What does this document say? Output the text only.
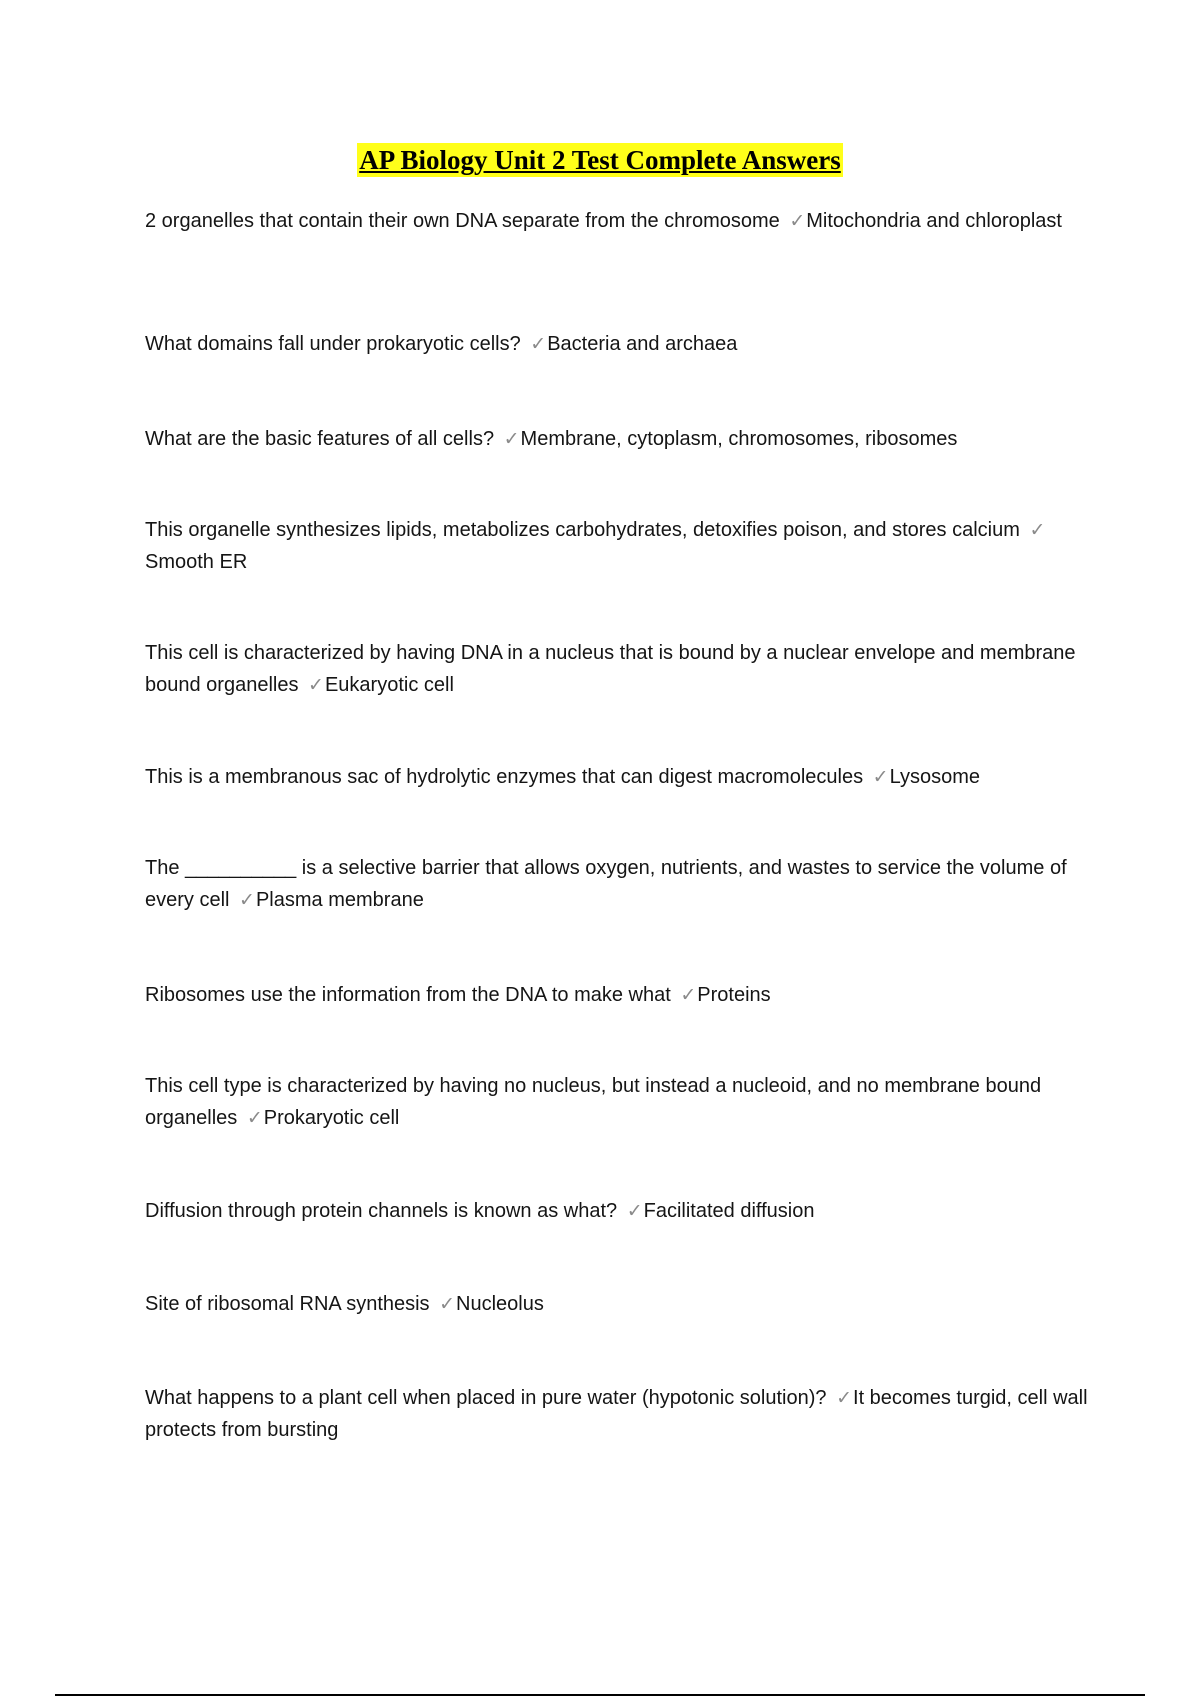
AP Biology Unit 2 Test Complete Answers
2 organelles that contain their own DNA separate from the chromosome ✓Mitochondria and chloroplast
What domains fall under prokaryotic cells? ✓Bacteria and archaea
What are the basic features of all cells? ✓Membrane, cytoplasm, chromosomes, ribosomes
This organelle synthesizes lipids, metabolizes carbohydrates, detoxifies poison, and stores calcium ✓Smooth ER
This cell is characterized by having DNA in a nucleus that is bound by a nuclear envelope and membrane bound organelles ✓Eukaryotic cell
This is a membranous sac of hydrolytic enzymes that can digest macromolecules ✓Lysosome
The __________ is a selective barrier that allows oxygen, nutrients, and wastes to service the volume of every cell ✓Plasma membrane
Ribosomes use the information from the DNA to make what ✓Proteins
This cell type is characterized by having no nucleus, but instead a nucleoid, and no membrane bound organelles ✓Prokaryotic cell
Diffusion through protein channels is known as what? ✓Facilitated diffusion
Site of ribosomal RNA synthesis ✓Nucleolus
What happens to a plant cell when placed in pure water (hypotonic solution)? ✓It becomes turgid, cell wall protects from bursting
